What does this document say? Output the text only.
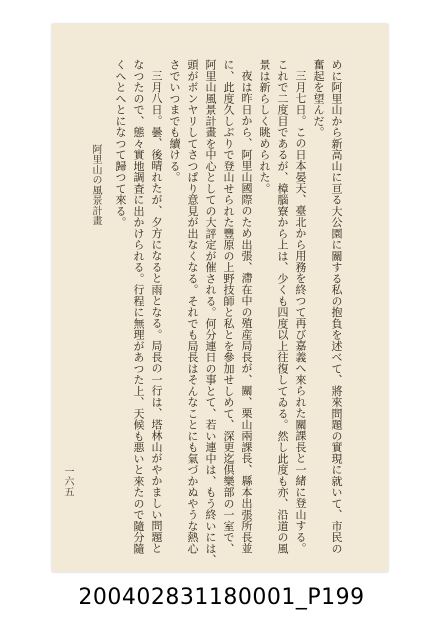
一六五	めに阿里山から新高山に亘る大公園に關する私の抱負を述べて、將來問題の實現に就いて、市民の
奮起を望んだ。
三月七日。この日本晏天、臺北から用務を終つて再び嘉義へ來られた關課長と一緒に登山する。
これで二度目であるが、樟腦寮から上は、少くも四度以上往復してゐる。然し此度も亦、沿道の風
景は新らしく眺められた。
夜は昨日から、阿里山國際のため出張、滯在中の殖産局長が、關、栗山兩課長、縣本出張所長並
に、此度久しぶりで登山せられた豐原の上野技師と私とを參加せしめて、深更迄倶樂部の一室で、
阿里山風景計畫を中心としての大評定が催される。何分連日の事とて、若い連中は、もう終いには、
頭がボンヤリしてさつぱり意見が出なくなる。それでも局長はそんなことにも氣づかぬやうな熱心
さでいつまでも續ける。
三月八日。曇、後晴れたが、夕方になると雨となる。局長の一行は、塔林山がやかましい問題と
なつたので、態々實地調査に出かけられる。行程に無理があつた上、天候も悪いと來たので隨分隨
くへとへとになつて歸つて來る。
阿里山の風景計畫
200402831180001_P199
